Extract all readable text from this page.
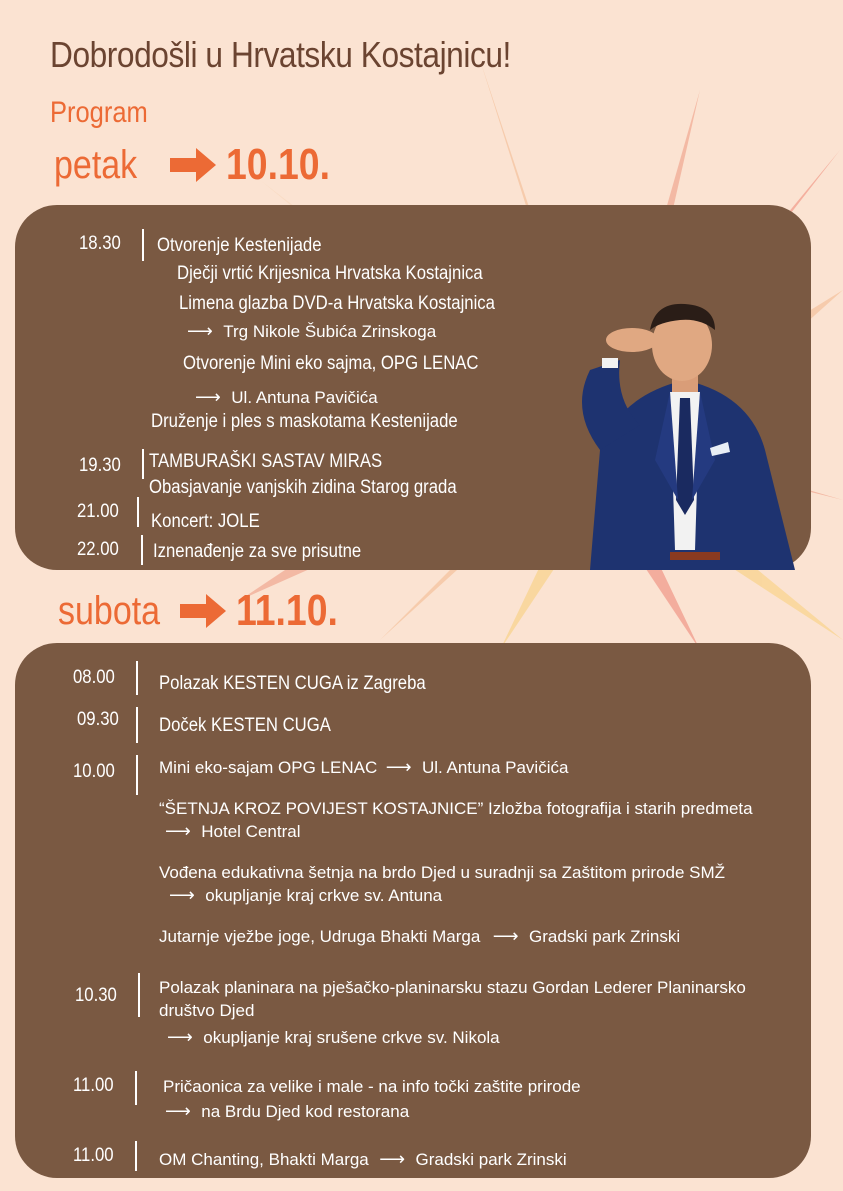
Dobrodošli u Hrvatsku Kostajnicu!
Program
petak 10.10.
18.30 Otvorenje Kestenijade
Dječji vrtić Krijesnica Hrvatska Kostajnica
Limena glazba DVD-a Hrvatska Kostajnica
⟶ Trg Nikole Šubića Zrinskoga
Otvorenje Mini eko sajma, OPG LENAC
⟶ Ul. Antuna Pavičića
Druženje i ples s maskotama Kestenijade
19.30 TAMBURAŠKI SASTAV MIRAS
Obasjavanje vanjskih zidina Starog grada
21.00 Koncert: JOLE
22.00 Iznenađenje za sve prisutne
subota 11.10.
08.00 Polazak KESTEN CUGA iz Zagreba
09.30 Doček KESTEN CUGA
10.00	Mini eko-sajam OPG LENAC ⟶ Ul. Antuna Pavičića
“ŠETNJA KROZ POVIJEST KOSTAJNICE” Izložba fotografija i starih predmeta
⟶ Hotel Central
Vođena edukativna šetnja na brdo Djed u suradnji sa Zaštitom prirode SMŽ
⟶ okupljanje kraj crkve sv. Antuna
Jutarnje vježbe joge, Udruga Bhakti Marga ⟶ Gradski park Zrinski
10.30 Polazak planinara na pješačko-planinarsku stazu Gordan Lederer Planinarsko
društvo Djed
⟶ okupljanje kraj srušene crkve sv. Nikola
11.00	Pričaonica za velike i male - na info točki zaštite prirode
⟶ na Brdu Djed kod restorana
11.00	OM Chanting, Bhakti Marga ⟶ Gradski park Zrinski
